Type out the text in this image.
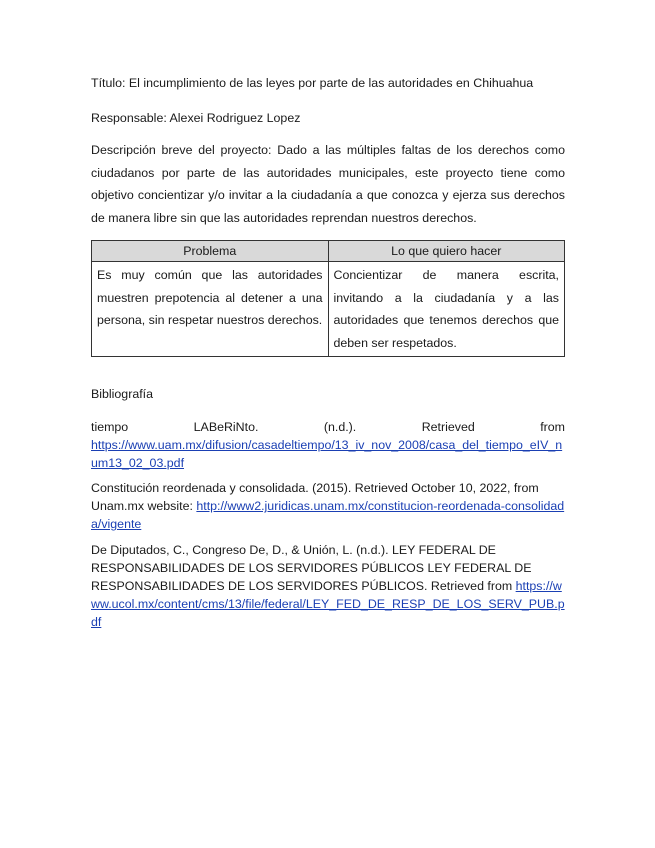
Título: El incumplimiento de las leyes por parte de las autoridades en Chihuahua

Responsable: Alexei Rodriguez Lopez

Descripción breve del proyecto: Dado a las múltiples faltas de los derechos como ciudadanos por parte de las autoridades municipales, este proyecto tiene como objetivo concientizar y/o invitar a la ciudadanía a que conozca y ejerza sus derechos de manera libre sin que las autoridades reprendan nuestros derechos.

Problema	Lo que quiero hacer
Es muy común que las autoridades muestren prepotencia al detener a una persona, sin respetar nuestros derechos.	Concientizar de manera escrita, invitando a la ciudadanía y a las autoridades que tenemos derechos que deben ser respetados.

Bibliografía

tiempo LABeRiNto. (n.d.). Retrieved from

https://www.uam.mx/difusion/casadeltiempo/13_iv_nov_2008/casa_del_tiempo_eIV_num13_02_03.pdf

Constitución reordenada y consolidada. (2015). Retrieved October 10, 2022, from Unam.mx website: http://www2.juridicas.unam.mx/constitucion-reordenada-consolidada/vigente

De Diputados, C., Congreso De, D., & Unión, L. (n.d.). LEY FEDERAL DE RESPONSABILIDADES DE LOS SERVIDORES PÚBLICOS LEY FEDERAL DE RESPONSABILIDADES DE LOS SERVIDORES PÚBLICOS. Retrieved from https://www.ucol.mx/content/cms/13/file/federal/LEY_FED_DE_RESP_DE_LOS_SERV_PUB.pdf
